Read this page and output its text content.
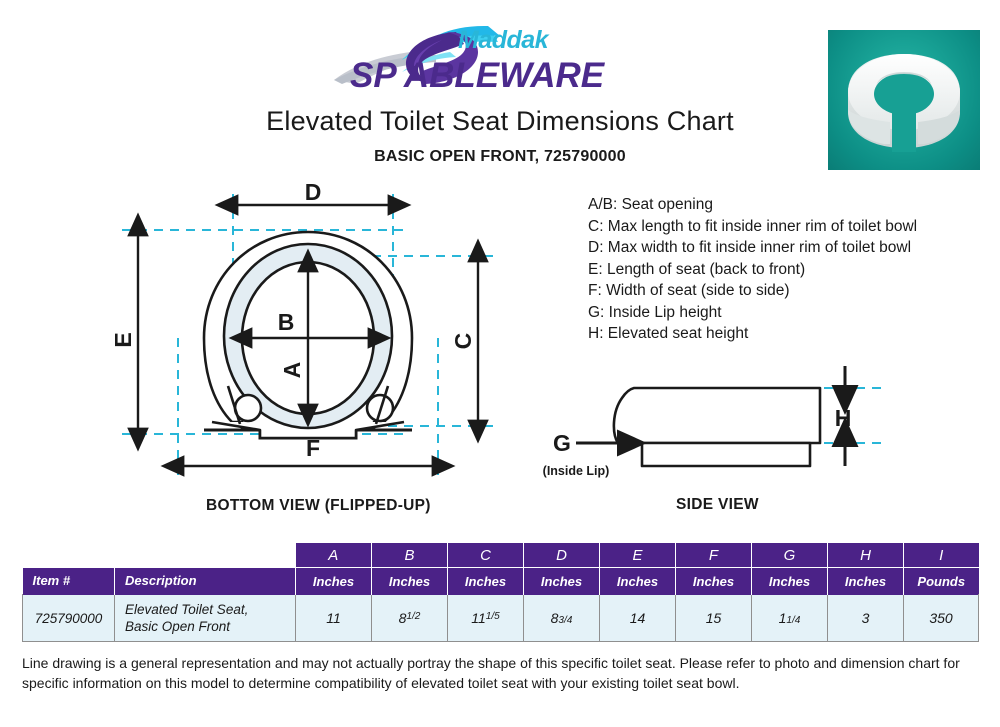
Maddak
SP ABLEWARE
Elevated Toilet Seat Dimensions Chart
BASIC OPEN FRONT, 725790000
A/B: Seat opening
C: Max length to fit inside inner rim of toilet bowl
D: Max width to fit inside inner rim of toilet bowl
E: Length of seat (back to front)
F: Width of seat (side to side)
G: Inside Lip height
H: Elevated seat height
D
E	C
F
B
A
BOTTOM VIEW (FLIPPED-UP)
H
G
(Inside Lip)
SIDE VIEW
		A	B	C	D	E	F	G	H	I
Item #	Description	Inches	Inches	Inches	Inches	Inches	Inches	Inches	Inches	Pounds
725790000	Elevated Toilet Seat,
Basic Open Front	11	$8^{1/2}$	$11^{1/5}$	83/4	14	15	11/4	3	350
Line drawing is a general representation and may not actually portray the shape of this specific toilet seat. Please refer to photo and dimension chart for specific information on this model to determine compatibility of elevated toilet seat with your existing toilet seat bowl.
